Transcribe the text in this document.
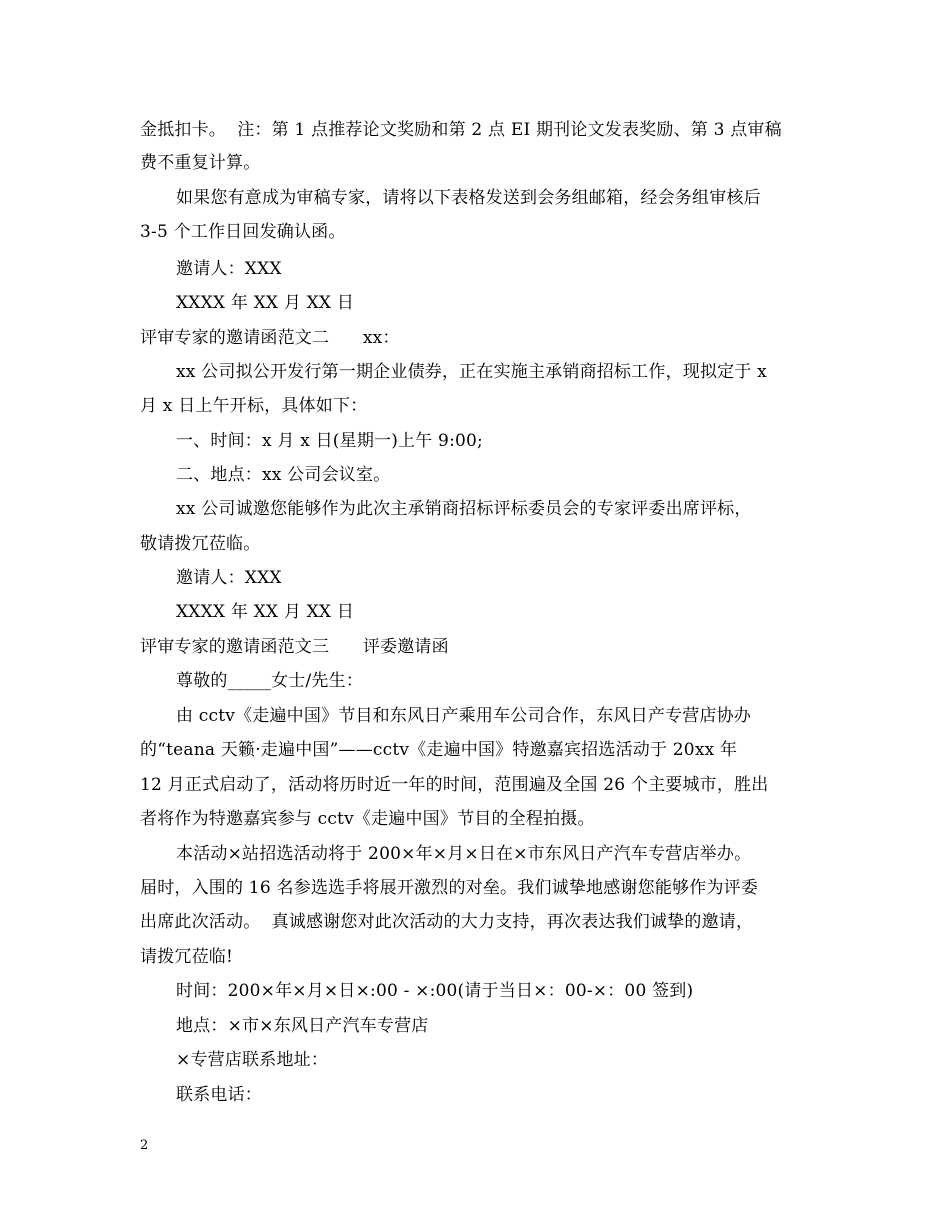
金抵扣卡。  注：第 1 点推荐论文奖励和第 2 点 EI 期刊论文发表奖励、第 3 点审稿
费不重复计算。
如果您有意成为审稿专家，请将以下表格发送到会务组邮箱，经会务组审核后
3-5 个工作日回发确认函。
邀请人：XXX
XXXX 年 XX 月 XX 日
评审专家的邀请函范文二      xx：
xx 公司拟公开发行第一期企业债券，正在实施主承销商招标工作，现拟定于 x
月 x 日上午开标，具体如下：
一、时间：x 月 x 日(星期一)上午 9:00;
二、地点：xx 公司会议室。
xx 公司诚邀您能够作为此次主承销商招标评标委员会的专家评委出席评标，
敬请拨冗莅临。
邀请人：XXX
XXXX 年 XX 月 XX 日
评审专家的邀请函范文三      评委邀请函
尊敬的_____女士/先生：
由 cctv《走遍中国》节目和东风日产乘用车公司合作，东风日产专营店协办
的“teana 天籁·走遍中国”——cctv《走遍中国》特邀嘉宾招选活动于 20xx 年
12 月正式启动了，活动将历时近一年的时间，范围遍及全国 26 个主要城市，胜出
者将作为特邀嘉宾参与 cctv《走遍中国》节目的全程拍摄。
本活动×站招选活动将于 200×年×月×日在×市东风日产汽车专营店举办。
届时，入围的 16 名参选选手将展开激烈的对垒。我们诚挚地感谢您能够作为评委
出席此次活动。  真诚感谢您对此次活动的大力支持，再次表达我们诚挚的邀请，
请拨冗莅临!
时间：200×年×月×日×:00 - ×:00(请于当日×：00-×：00 签到)
地点：×市×东风日产汽车专营店
×专营店联系地址：
联系电话：
2
